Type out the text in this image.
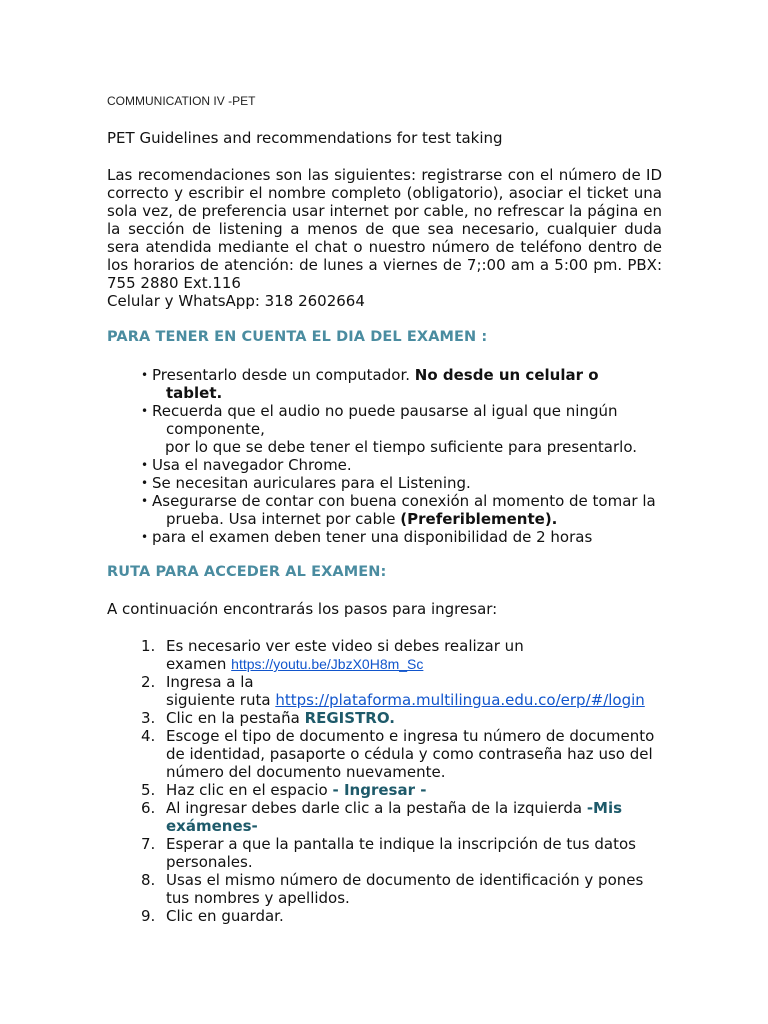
COMMUNICATION IV -PET
PET Guidelines and recommendations for test taking
Las recomendaciones son las siguientes: registrarse con el número de ID correcto y escribir el nombre completo (obligatorio), asociar el ticket una sola vez, de preferencia usar internet por cable, no refrescar la página en la sección de listening a menos de que sea necesario, cualquier duda sera atendida mediante el chat o nuestro número de teléfono dentro de los horarios de atención: de lunes a viernes de 7;:00 am a 5:00 pm. PBX: 755 2880 Ext.116
Celular y WhatsApp: 318 2602664
PARA TENER EN CUENTA EL DIA DEL EXAMEN :
• Presentarlo desde un computador. No desde un celular o
tablet.
• Recuerda que el audio no puede pausarse al igual que ningún
componente,
por lo que se debe tener el tiempo suficiente para presentarlo.
• Usa el navegador Chrome.
• Se necesitan auriculares para el Listening.
• Asegurarse de contar con buena conexión al momento de tomar la
prueba. Usa internet por cable (Preferiblemente).
• para el examen deben tener una disponibilidad de 2 horas
RUTA PARA ACCEDER AL EXAMEN:
A continuación encontrarás los pasos para ingresar:
1. Es necesario ver este video si debes realizar un
examen https://youtu.be/JbzX0H8m_Sc
2. Ingresa a la
siguiente ruta https://plataforma.multilingua.edu.co/erp/#/login
3. Clic en la pestaña REGISTRO.
4. Escoge el tipo de documento e ingresa tu número de documento de identidad, pasaporte o cédula y como contraseña haz uso del número del documento nuevamente.
5. Haz clic en el espacio - Ingresar -
6. Al ingresar debes darle clic a la pestaña de la izquierda -Mis
exámenes-
7. Esperar a que la pantalla te indique la inscripción de tus datos personales.
8. Usas el mismo número de documento de identificación y pones tus nombres y apellidos.
9. Clic en guardar.
